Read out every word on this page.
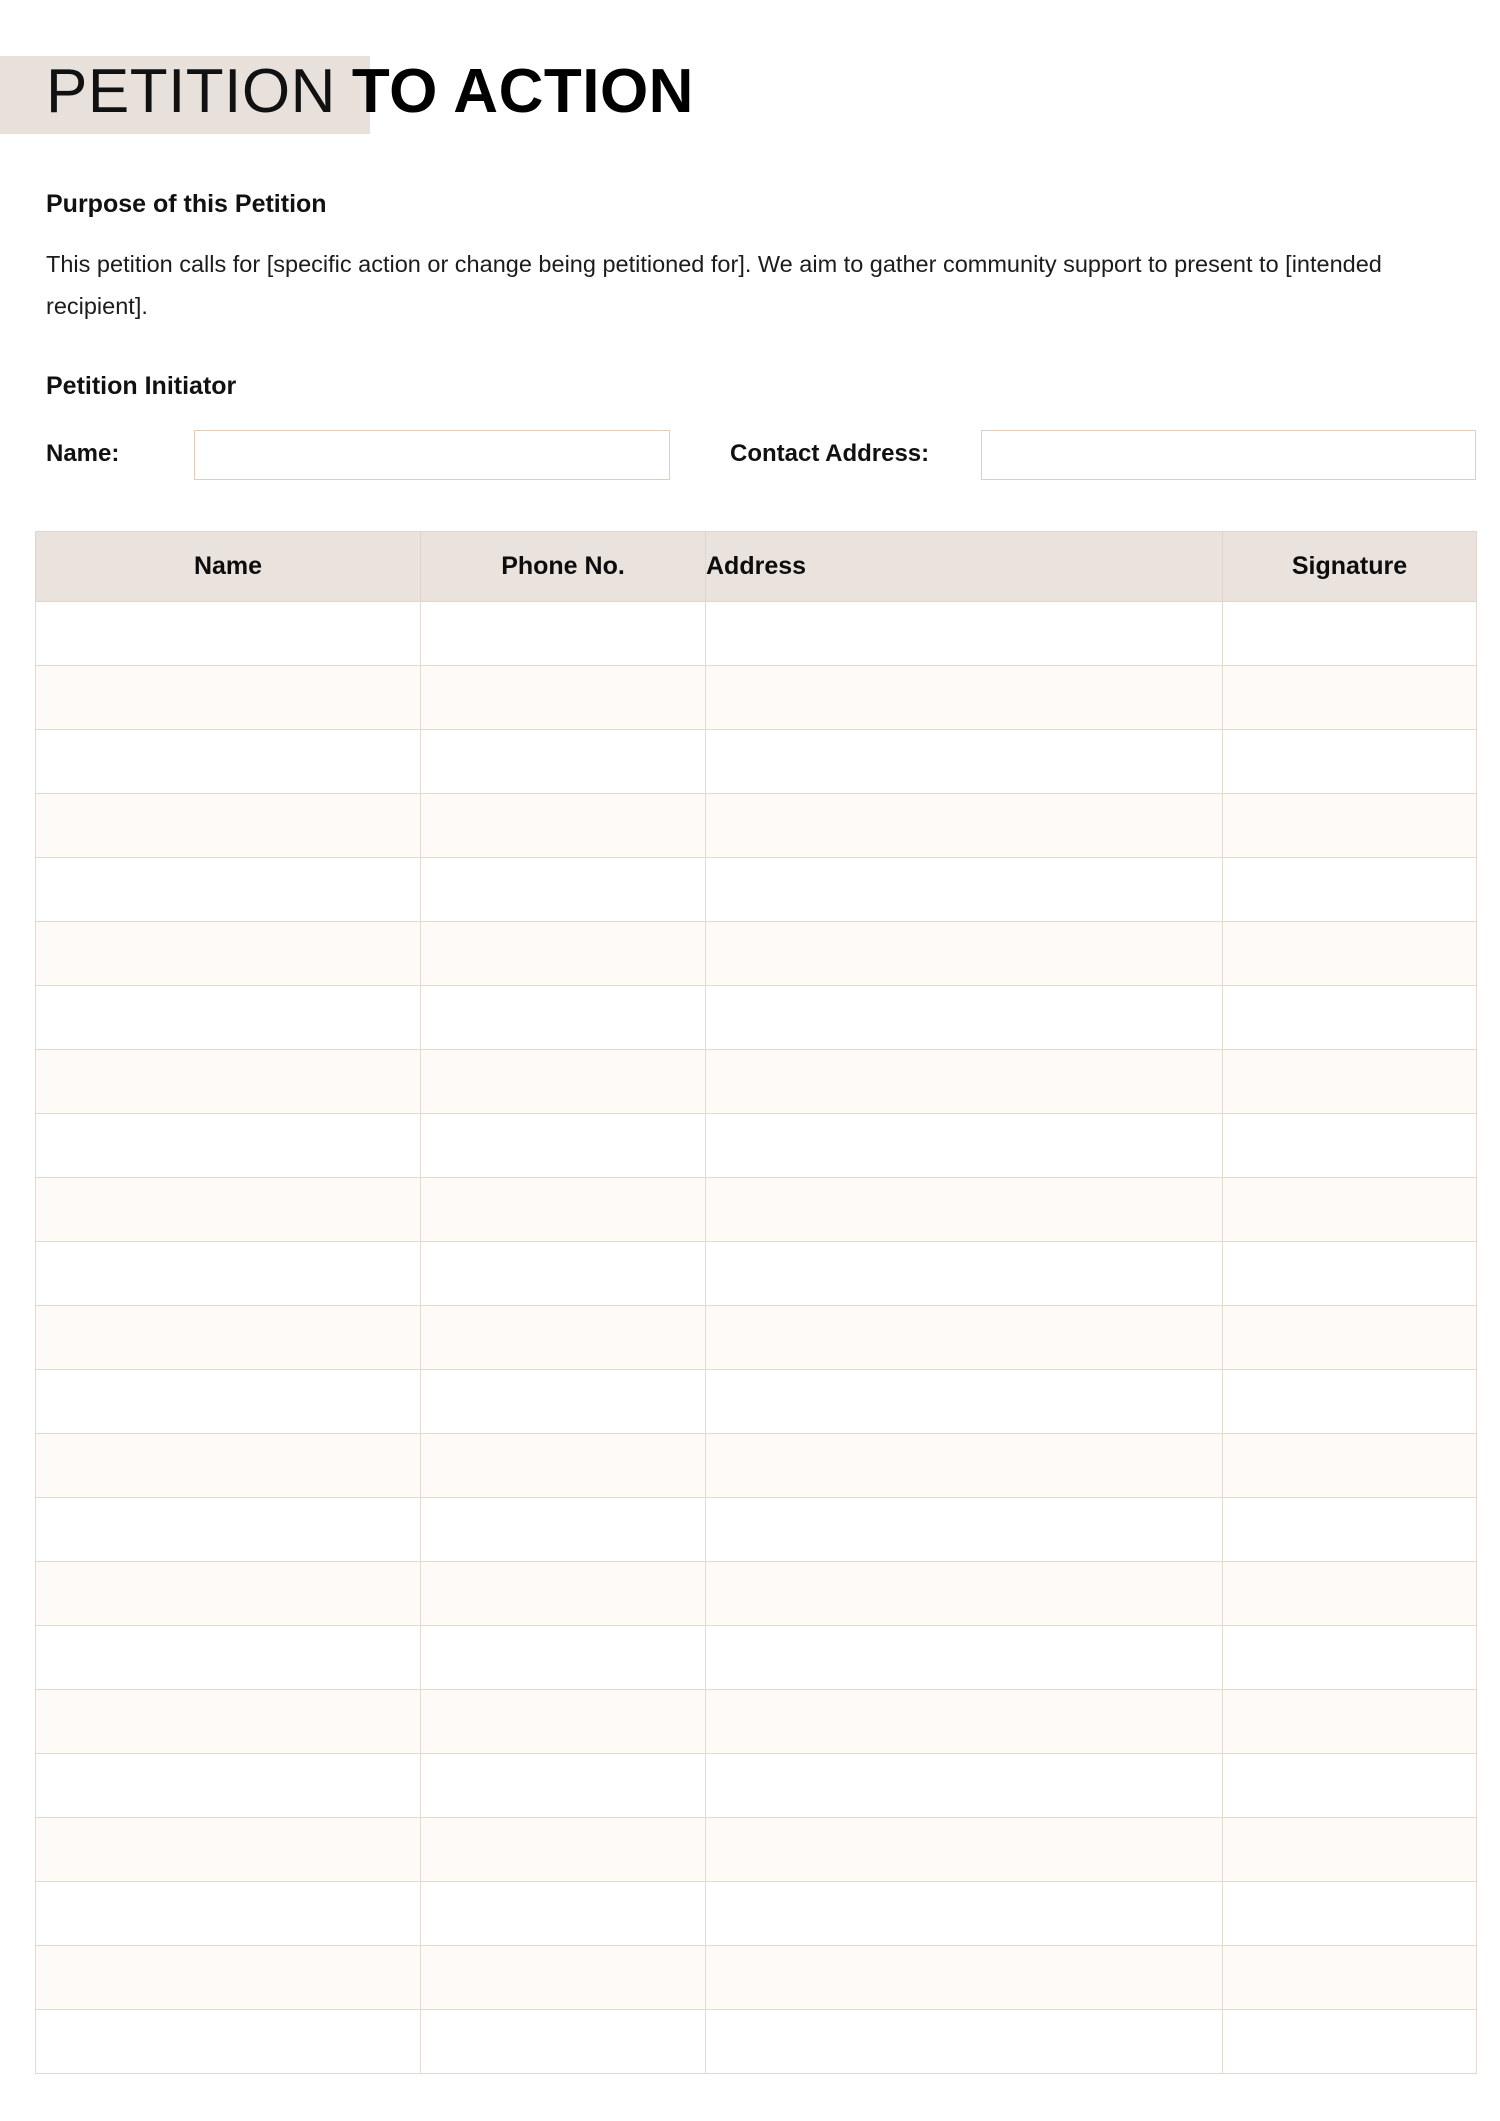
PETITION TO ACTION
Purpose of this Petition
This petition calls for [specific action or change being petitioned for]. We aim to gather community support to present to [intended recipient].
Petition Initiator
Name:	Contact Address:
Name	Phone No.	Address	Signature
